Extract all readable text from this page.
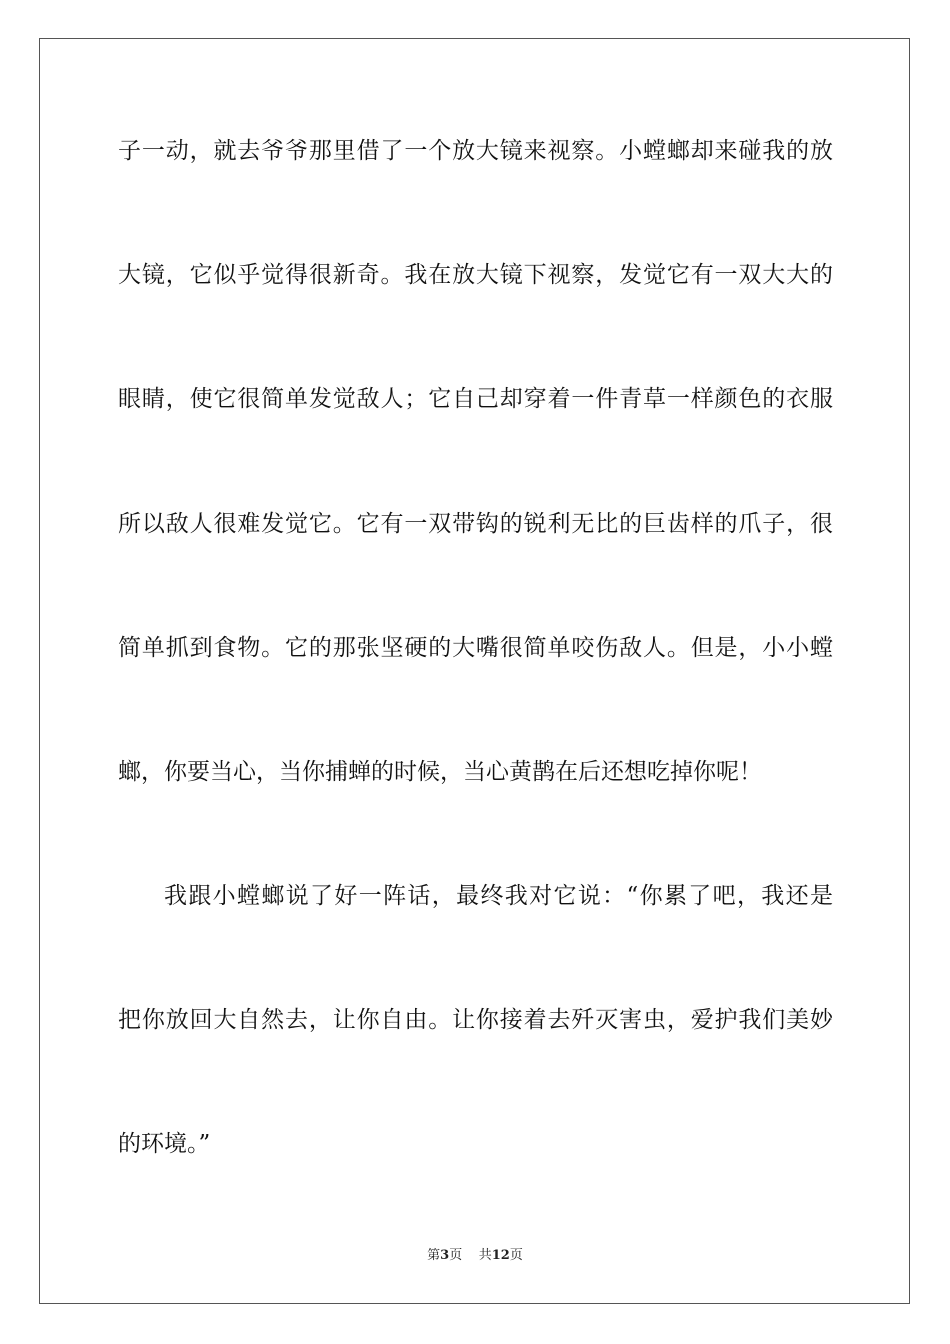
子一动，就去爷爷那里借了一个放大镜来视察。小螳螂却来碰我的放
大镜，它似乎觉得很新奇。我在放大镜下视察，发觉它有一双大大的
眼睛，使它很简单发觉敌人；它自己却穿着一件青草一样颜色的衣服
所以敌人很难发觉它。它有一双带钩的锐利无比的巨齿样的爪子，很
简单抓到食物。它的那张坚硬的大嘴很简单咬伤敌人。但是，小小螳
螂，你要当心，当你捕蝉的时候，当心黄鹊在后还想吃掉你呢！
我跟小螳螂说了好一阵话，最终我对它说：“你累了吧，我还是
把你放回大自然去，让你自由。让你接着去歼灭害虫，爱护我们美妙
的环境。”
第3页 共12页
